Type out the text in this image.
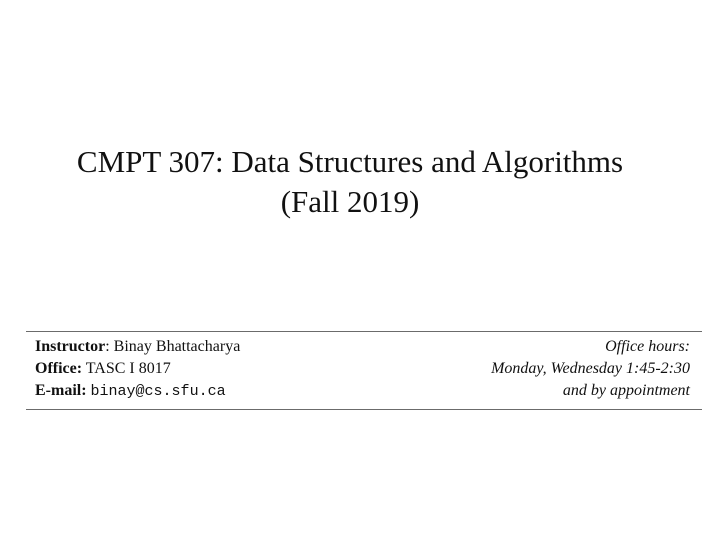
CMPT 307: Data Structures and Algorithms
(Fall 2019)
Instructor: Binay Bhattacharya
Office: TASC I 8017
E-mail: binay@cs.sfu.ca
Office hours:
Monday, Wednesday 1:45-2:30
and by appointment
